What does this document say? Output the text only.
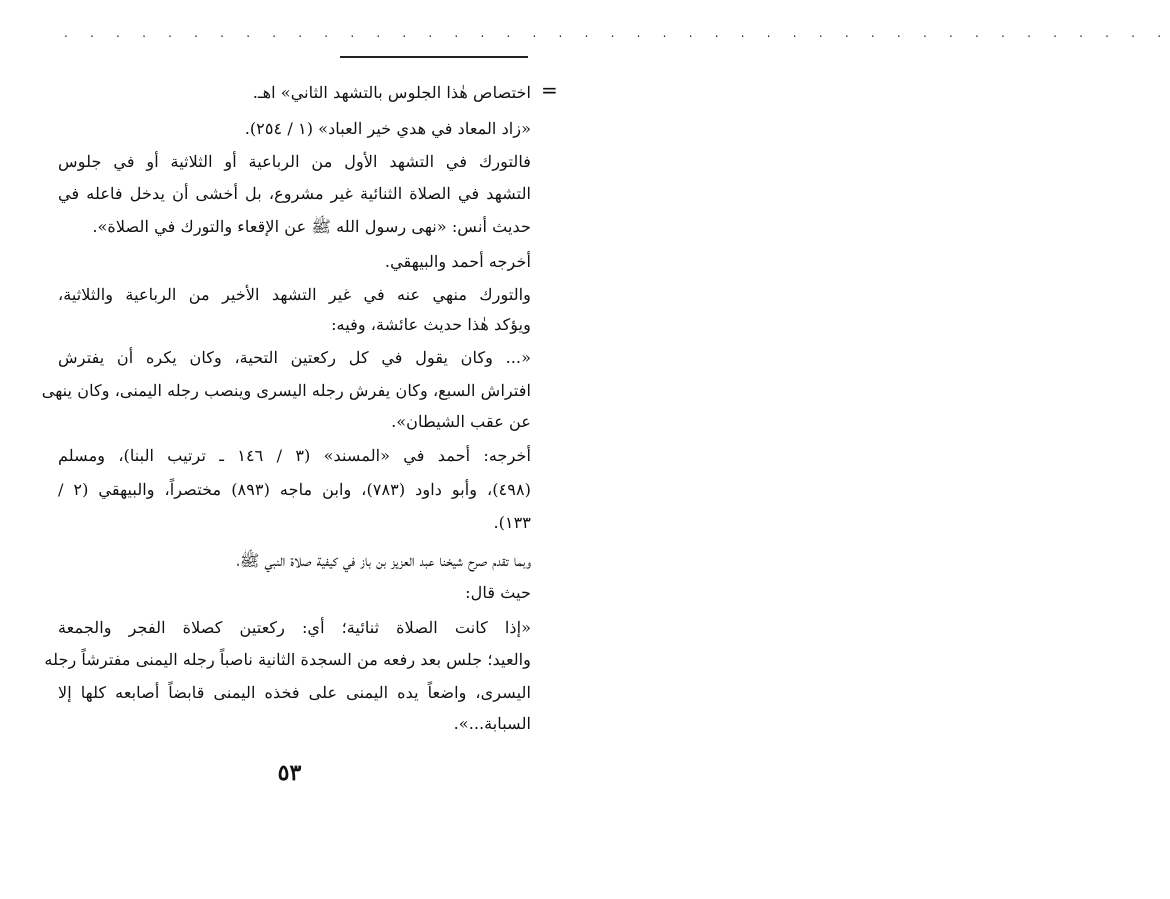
. . . . . . . . . . . . . . . . . . . . . . . . . . . . . . . . . . . . . . . . . . .
=
اختصاص هٰذا الجلوس بالتشهد الثاني» اهـ.
«زاد المعاد في هدي خير العباد» (١ / ٢٥٤).
فالتورك في التشهد الأول من الرباعية أو الثلاثية أو في جلوس
التشهد في الصلاة الثنائية غير مشروع، بل أخشى أن يدخل فاعله في
حديث أنس: «نهى رسول الله ﷺ عن الإقعاء والتورك في الصلاة».
أخرجه أحمد والبيهقي.
والتورك منهي عنه في غير التشهد الأخير من الرباعية والثلاثية،
ويؤكد هٰذا حديث عائشة، وفيه:
«... وكان يقول في كل ركعتين التحية، وكان يكره أن يفترش
افتراش السبع، وكان يفرش رجله اليسرى وينصب رجله اليمنى، وكان ينهى
عن عقب الشيطان».
أخرجه: أحمد في «المسند» (٣ / ١٤٦ ـ ترتيب البنا)، ومسلم
(٤٩٨)، وأبو داود (٧٨٣)، وابن ماجه (٨٩٣) مختصراً، والبيهقي (٢ /
١٣٣).
وبما تقدم صرح شيخنا عبد العزيز بن باز في كيفية صلاة النبي ﷺ،
حيث قال:
«إذا كانت الصلاة ثنائية؛ أي: ركعتين كصلاة الفجر والجمعة
والعيد؛ جلس بعد رفعه من السجدة الثانية ناصباً رجله اليمنى مفترشاً رجله
اليسرى، واضعاً يده اليمنى على فخذه اليمنى قابضاً أصابعه كلها إلا
السبابة...».
٥٣
